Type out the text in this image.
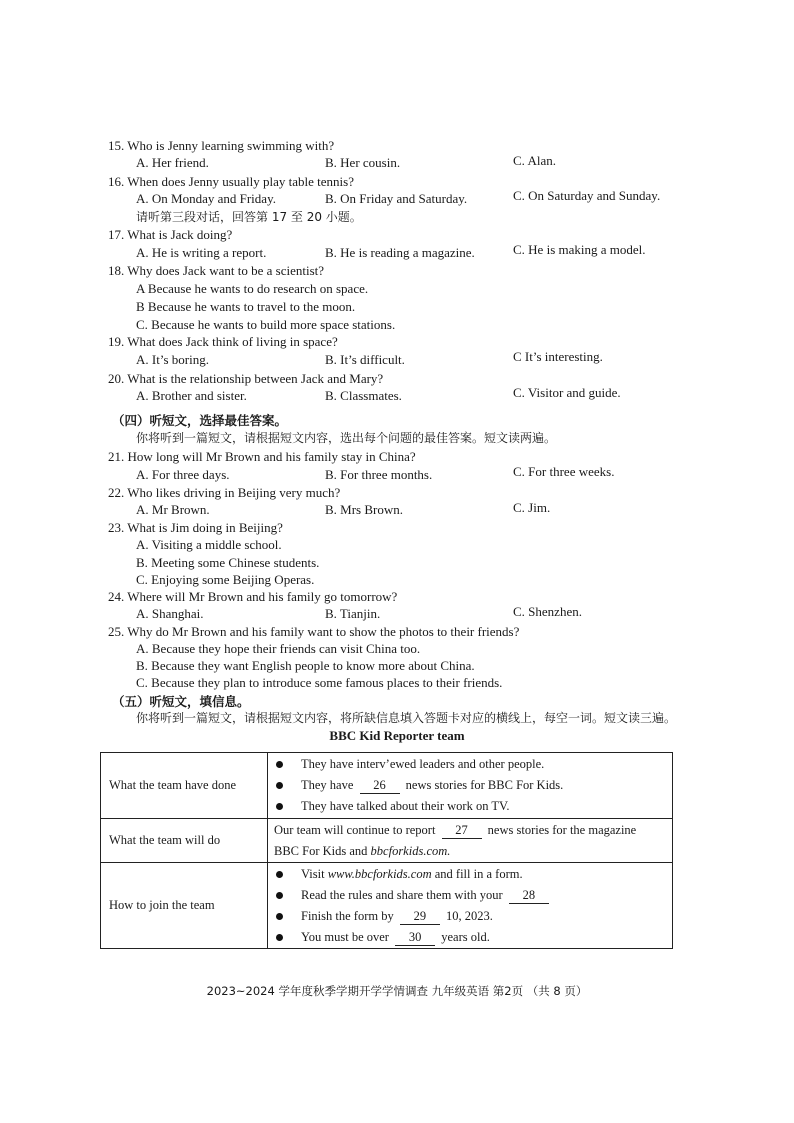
15. Who is Jenny learning swimming with?
A. Her friend.	B. Her cousin.	C. Alan.
16. When does Jenny usually play table tennis?
A. On Monday and Friday.	B. On Friday and Saturday.	C. On Saturday and Sunday.
请听第三段对话，回答第 17 至 20 小题。
17. What is Jack doing?
A. He is writing a report.	B. He is reading a magazine.	C. He is making a model.
18. Why does Jack want to be a scientist?
A Because he wants to do research on space.
B Because he wants to travel to the moon.
C. Because he wants to build more space stations.
19. What does Jack think of living in space?
A. It’s boring.	B. It’s difficult.	C It’s interesting.
20. What is the relationship between Jack and Mary?
A. Brother and sister.	B. Classmates.	C. Visitor and guide.
（四）听短文，选择最佳答案。
你将听到一篇短文，请根据短文内容，选出每个问题的最佳答案。短文读两遍。
21. How long will Mr Brown and his family stay in China?
A. For three days.	B. For three months.	C. For three weeks.
22. Who likes driving in Beijing very much?
A. Mr Brown.	B. Mrs Brown.	C. Jim.
23. What is Jim doing in Beijing?
A. Visiting a middle school.
B. Meeting some Chinese students.
C. Enjoying some Beijing Operas.
24. Where will Mr Brown and his family go tomorrow?
A. Shanghai.	B. Tianjin.	C. Shenzhen.
25. Why do Mr Brown and his family want to show the photos to their friends?
A. Because they hope their friends can visit China too.
B. Because they want English people to know more about China.
C. Because they plan to introduce some famous places to their friends.
（五）听短文，填信息。
你将听到一篇短文，请根据短文内容，将所缺信息填入答题卡对应的横线上，每空一词。短文读三遍。
BBC Kid Reporter team
What the team have done	They have interv’ewed leaders and other people.
They have 26 news stories for BBC For Kids.
They have talked about their work on TV.

What the team will do	Our team will continue to report 27 news stories for the magazine
BBC For Kids and bbcforkids.com.

How to join the team	Visit www.bbcforkids.com and fill in a form.
Read the rules and share them with your 28
Finish the form by 29 10, 2023.
You must be over 30 years old.
2023~2024 学年度秋季学期开学学情调查 九年级英语 第2页 （共 8 页）
